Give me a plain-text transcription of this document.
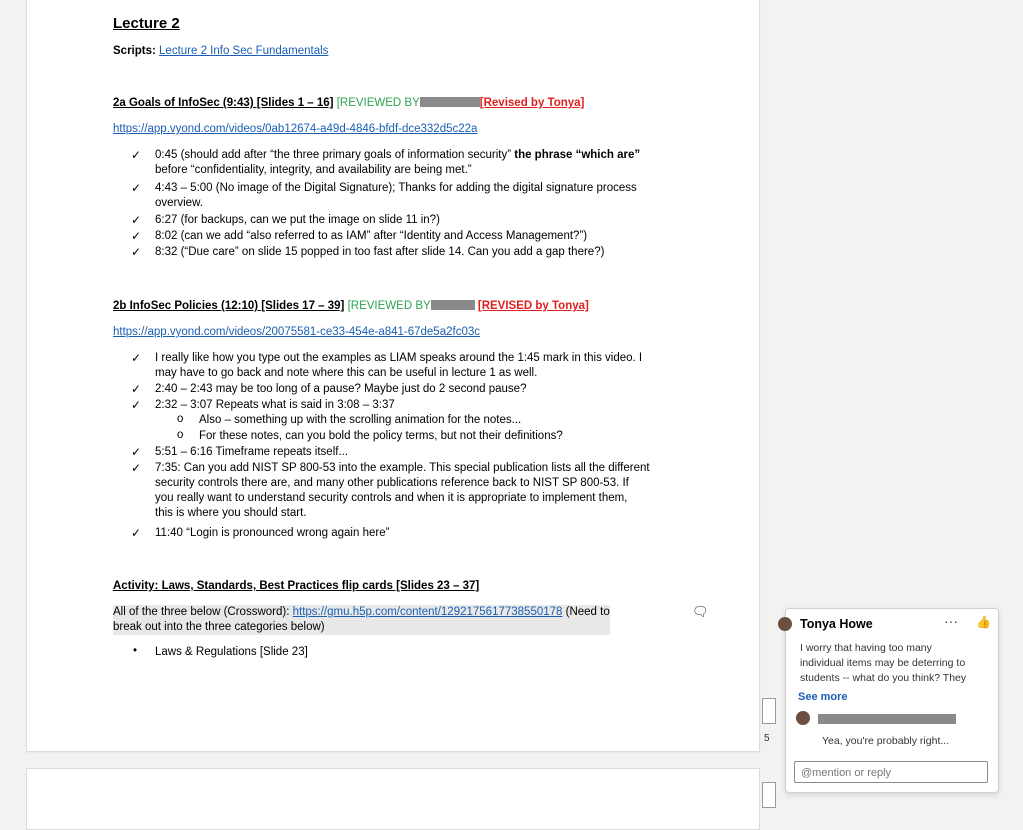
Lecture 2
Scripts: Lecture 2 Info Sec Fundamentals
2a Goals of InfoSec (9:43) [Slides 1 – 16] [REVIEWED BY	[Revised by Tonya]
https://app.vyond.com/videos/0ab12674-a49d-4846-bfdf-dce332d5c22a
✓ 0:45 (should add after “the three primary goals of information security” the phrase “which are”
before “confidentiality, integrity, and availability are being met.”
✓ 4:43 – 5:00 (No image of the Digital Signature); Thanks for adding the digital signature process
overview.
✓ 6:27 (for backups, can we put the image on slide 11 in?)
✓ 8:02 (can we add “also referred to as IAM” after “Identity and Access Management?”)
✓ 8:32 (“Due care” on slide 15 popped in too fast after slide 14. Can you add a gap there?)
2b InfoSec Policies (12:10) [Slides 17 – 39] [REVIEWED BY	[REVISED by Tonya]
https://app.vyond.com/videos/20075581-ce33-454e-a841-67de5a2fc03c
✓ I really like how you type out the examples as LIAM speaks around the 1:45 mark in this video. I
may have to go back and note where this can be useful in lecture 1 as well.
✓ 2:40 – 2:43 may be too long of a pause? Maybe just do 2 second pause?
✓ 2:32 – 3:07 Repeats what is said in 3:08 – 3:37
o Also – something up with the scrolling animation for the notes...
o For these notes, can you bold the policy terms, but not their definitions?
✓ 5:51 – 6:16 Timeframe repeats itself...
✓ 7:35: Can you add NIST SP 800-53 into the example. This special publication lists all the different
security controls there are, and many other publications reference back to NIST SP 800-53. If
you really want to understand security controls and when it is appropriate to implement them,
this is where you should start.
✓ 11:40 “Login is pronounced wrong again here”
Activity: Laws, Standards, Best Practices flip cards [Slides 23 – 37]
All of the three below (Crossword): https://gmu.h5p.com/content/1292175617738550178 (Need to
break out into the three categories below)
🗨
• Laws & Regulations [Slide 23]
5
Tonya Howe	··· 👍
I worry that having too many
individual items may be deterring to
students -- what do you think? They
See more
Yea, you're probably right...
@mention or reply
